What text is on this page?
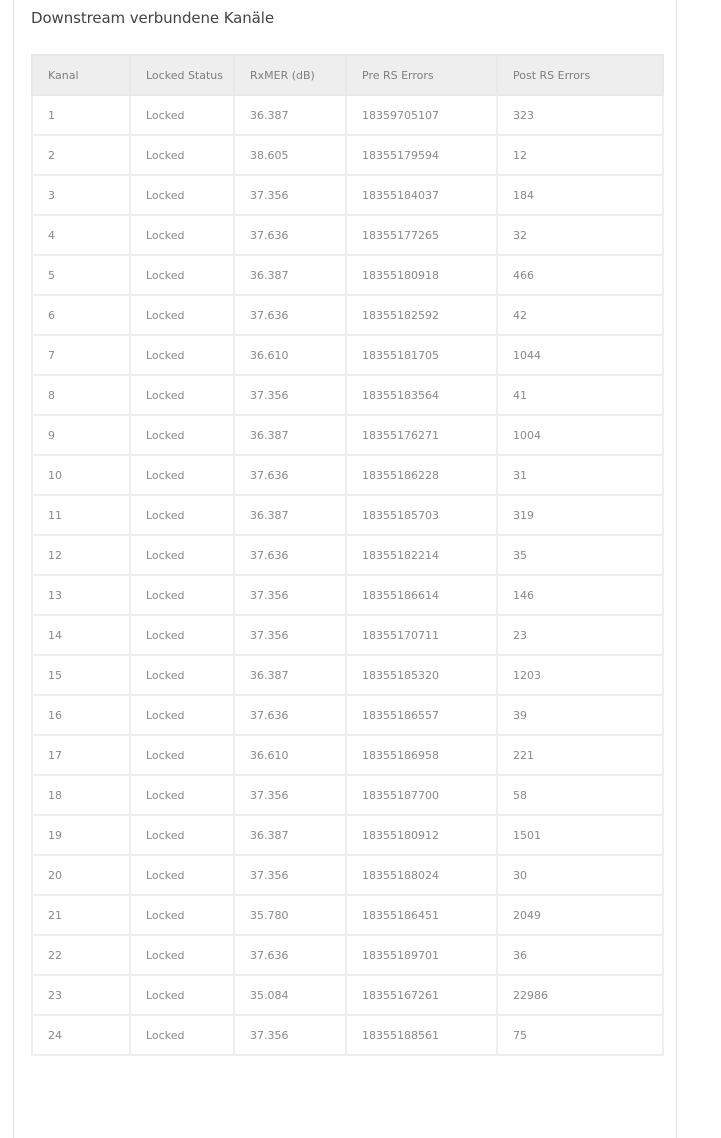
Downstream verbundene Kanäle
Kanal	Locked Status	RxMER (dB)	Pre RS Errors	Post RS Errors
1	Locked	36.387	18359705107	323
2	Locked	38.605	18355179594	12
3	Locked	37.356	18355184037	184
4	Locked	37.636	18355177265	32
5	Locked	36.387	18355180918	466
6	Locked	37.636	18355182592	42
7	Locked	36.610	18355181705	1044
8	Locked	37.356	18355183564	41
9	Locked	36.387	18355176271	1004
10	Locked	37.636	18355186228	31
11	Locked	36.387	18355185703	319
12	Locked	37.636	18355182214	35
13	Locked	37.356	18355186614	146
14	Locked	37.356	18355170711	23
15	Locked	36.387	18355185320	1203
16	Locked	37.636	18355186557	39
17	Locked	36.610	18355186958	221
18	Locked	37.356	18355187700	58
19	Locked	36.387	18355180912	1501
20	Locked	37.356	18355188024	30
21	Locked	35.780	18355186451	2049
22	Locked	37.636	18355189701	36
23	Locked	35.084	18355167261	22986
24	Locked	37.356	18355188561	75
